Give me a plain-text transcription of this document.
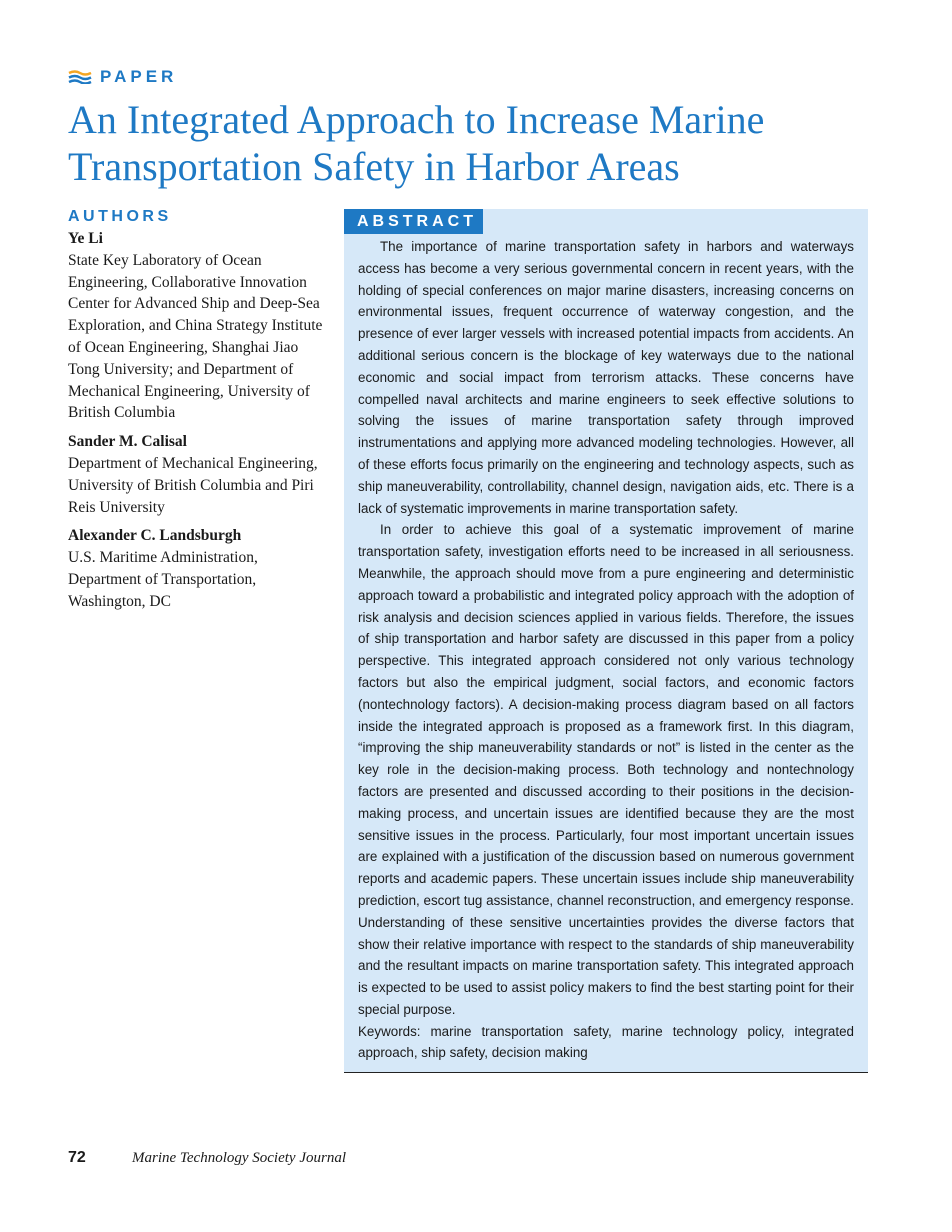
PAPER
An Integrated Approach to Increase Marine
Transportation Safety in Harbor Areas
AUTHORS
Ye Li
State Key Laboratory of Ocean Engineering, Collaborative Innovation Center for Advanced Ship and Deep-Sea Exploration, and China Strategy Institute of Ocean Engineering, Shanghai Jiao Tong University; and Department of Mechanical Engineering, University of British Columbia
Sander M. Calisal
Department of Mechanical Engineering, University of British Columbia and Piri Reis University
Alexander C. Landsburgh
U.S. Maritime Administration, Department of Transportation, Washington, DC
ABSTRACT

The importance of marine transportation safety in harbors and waterways access has become a very serious governmental concern in recent years, with the holding of special conferences on major marine disasters, increasing concerns on environmental issues, frequent occurrence of waterway congestion, and the presence of ever larger vessels with increased potential impacts from accidents. An additional serious concern is the blockage of key waterways due to the national economic and social impact from terrorism attacks. These concerns have compelled naval architects and marine engineers to seek effective solutions to solving the issues of marine transportation safety through improved instrumentations and applying more advanced modeling technologies. However, all of these efforts focus primarily on the engineering and technology aspects, such as ship maneuverability, controllability, channel design, navigation aids, etc. There is a lack of systematic improvements in marine transportation safety.

In order to achieve this goal of a systematic improvement of marine transportation safety, investigation efforts need to be increased in all seriousness. Meanwhile, the approach should move from a pure engineering and deterministic approach toward a probabilistic and integrated policy approach with the adoption of risk analysis and decision sciences applied in various fields. Therefore, the issues of ship transportation and harbor safety are discussed in this paper from a policy perspective. This integrated approach considered not only various technology factors but also the empirical judgment, social factors, and economic factors (nontechnology factors). A decision-making process diagram based on all factors inside the integrated approach is proposed as a framework first. In this diagram, “improving the ship maneuverability standards or not” is listed in the center as the key role in the decision-making process. Both technology and nontechnology factors are presented and discussed according to their positions in the decision-making process, and uncertain issues are identified because they are the most sensitive issues in the process. Particularly, four most important uncertain issues are explained with a justification of the discussion based on numerous government reports and academic papers. These uncertain issues include ship maneuverability prediction, escort tug assistance, channel reconstruction, and emergency response. Understanding of these sensitive uncertainties provides the diverse factors that show their relative importance with respect to the standards of ship maneuverability and the resultant impacts on marine transportation safety. This integrated approach is expected to be used to assist policy makers to find the best starting point for their special purpose.

Keywords: marine transportation safety, marine technology policy, integrated approach, ship safety, decision making

72	Marine Technology Society Journal
